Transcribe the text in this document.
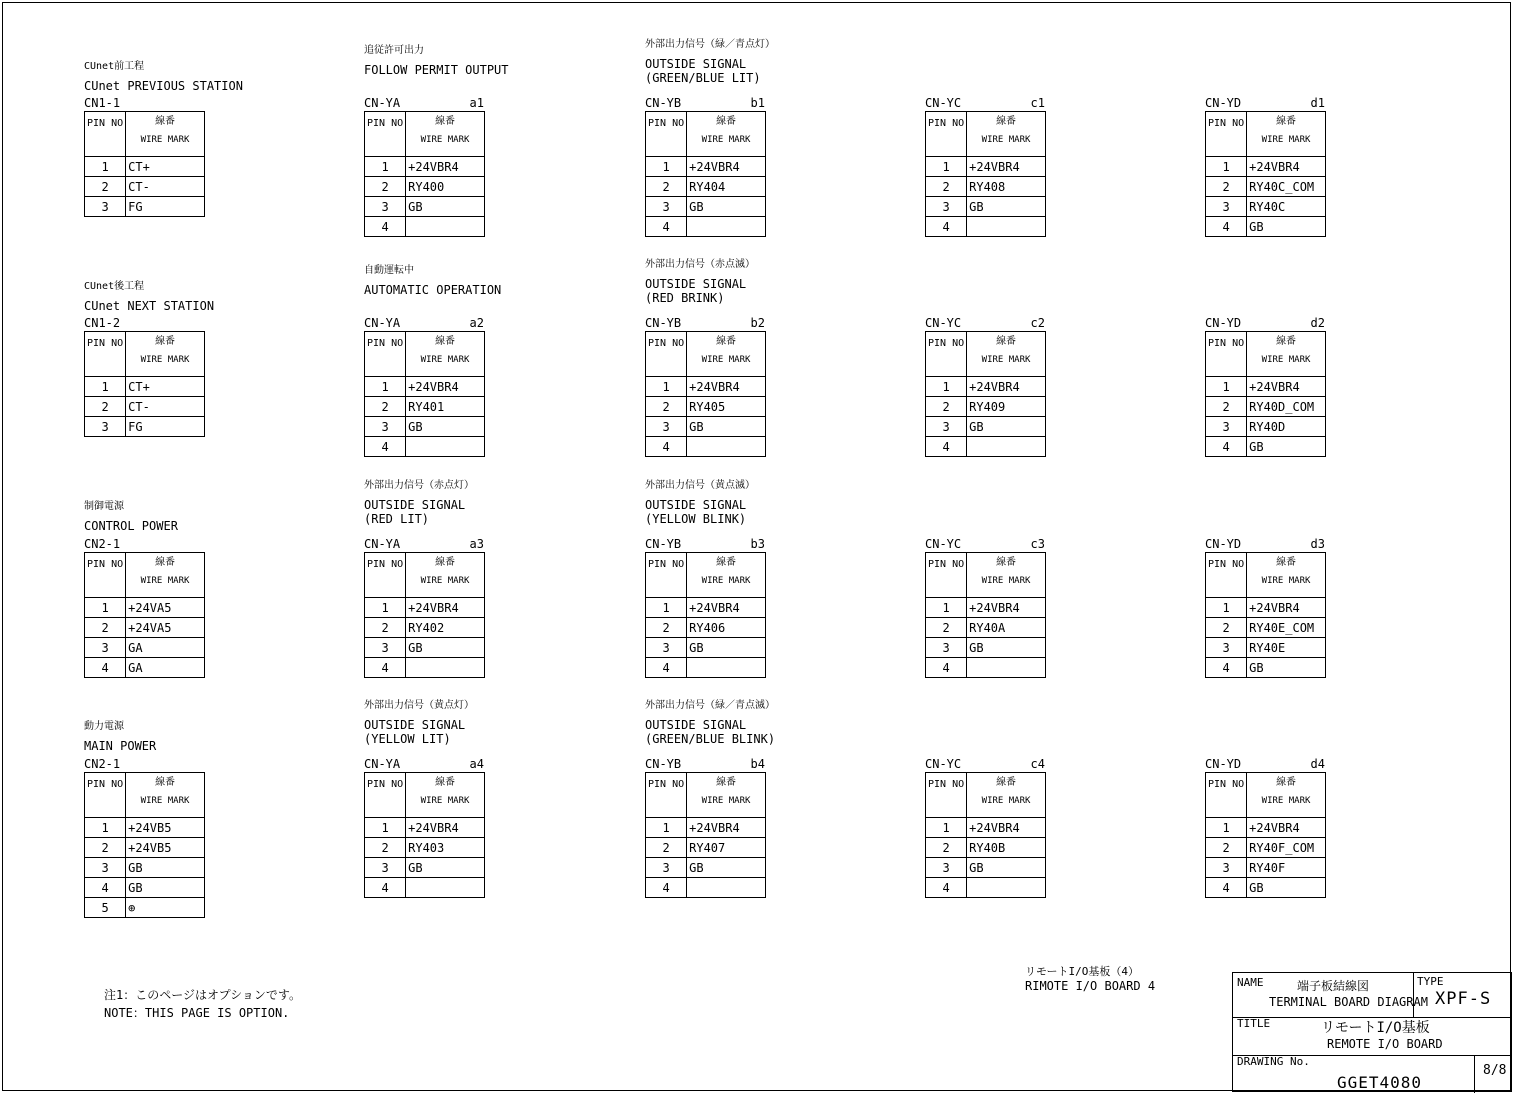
CUnet前工程
CUnet PREVIOUS STATION
CN1-1
PIN NO	線番
WIRE MARK

1	CT+
2	CT-
3	FG
CUnet後工程
CUnet NEXT STATION
CN1-2
PIN NO	線番
WIRE MARK

1	CT+
2	CT-
3	FG
制御電源
CONTROL POWER
CN2-1
PIN NO	線番
WIRE MARK

1	+24VA5
2	+24VA5
3	GA
4	GA
動力電源
MAIN POWER
CN2-1
PIN NO	線番
WIRE MARK

1	+24VB5
2	+24VB5
3	GB
4	GB
5	⊕
追従許可出力
FOLLOW PERMIT OUTPUT
CN-YA	a1
PIN NO	線番
WIRE MARK

1	+24VBR4
2	RY400
3	GB
4	
自動運転中
AUTOMATIC OPERATION
CN-YA	a2
PIN NO	線番
WIRE MARK

1	+24VBR4
2	RY401
3	GB
4	
外部出力信号（赤点灯）
OUTSIDE SIGNAL
(RED LIT)
CN-YA	a3
PIN NO	線番
WIRE MARK

1	+24VBR4
2	RY402
3	GB
4	
外部出力信号（黄点灯）
OUTSIDE SIGNAL
(YELLOW LIT)
CN-YA	a4
PIN NO	線番
WIRE MARK

1	+24VBR4
2	RY403
3	GB
4	
外部出力信号（緑／青点灯）
OUTSIDE SIGNAL
(GREEN/BLUE LIT)
CN-YB	b1
PIN NO	線番
WIRE MARK

1	+24VBR4
2	RY404
3	GB
4	
外部出力信号（赤点滅）
OUTSIDE SIGNAL
(RED BRINK)
CN-YB	b2
PIN NO	線番
WIRE MARK

1	+24VBR4
2	RY405
3	GB
4	
外部出力信号（黄点滅）
OUTSIDE SIGNAL
(YELLOW BLINK)
CN-YB	b3
PIN NO	線番
WIRE MARK

1	+24VBR4
2	RY406
3	GB
4	
外部出力信号（緑／青点滅）
OUTSIDE SIGNAL
(GREEN/BLUE BLINK)
CN-YB	b4
PIN NO	線番
WIRE MARK

1	+24VBR4
2	RY407
3	GB
4	
CN-YC	c1
PIN NO	線番
WIRE MARK

1	+24VBR4
2	RY408
3	GB
4	
CN-YC	c2
PIN NO	線番
WIRE MARK

1	+24VBR4
2	RY409
3	GB
4	
CN-YC	c3
PIN NO	線番
WIRE MARK

1	+24VBR4
2	RY40A
3	GB
4	
CN-YC	c4
PIN NO	線番
WIRE MARK

1	+24VBR4
2	RY40B
3	GB
4	
CN-YD	d1
PIN NO	線番
WIRE MARK

1	+24VBR4
2	RY40C_COM
3	RY40C
4	GB
CN-YD	d2
PIN NO	線番
WIRE MARK

1	+24VBR4
2	RY40D_COM
3	RY40D
4	GB
CN-YD	d3
PIN NO	線番
WIRE MARK

1	+24VBR4
2	RY40E_COM
3	RY40E
4	GB
CN-YD	d4
PIN NO	線番
WIRE MARK

1	+24VBR4
2	RY40F_COM
3	RY40F
4	GB
注1：このページはオプションです。
NOTE：THIS PAGE IS OPTION.
リモートI/O基板（4）
RIMOTE I/O BOARD 4	NAME	端子板結線図
TERMINAL BOARD DIAGRAM
TYPE
XPF-S
TITLE	リモートI/O基板
REMOTE I/O BOARD
DRAWING No.
GGET4080
8/8
